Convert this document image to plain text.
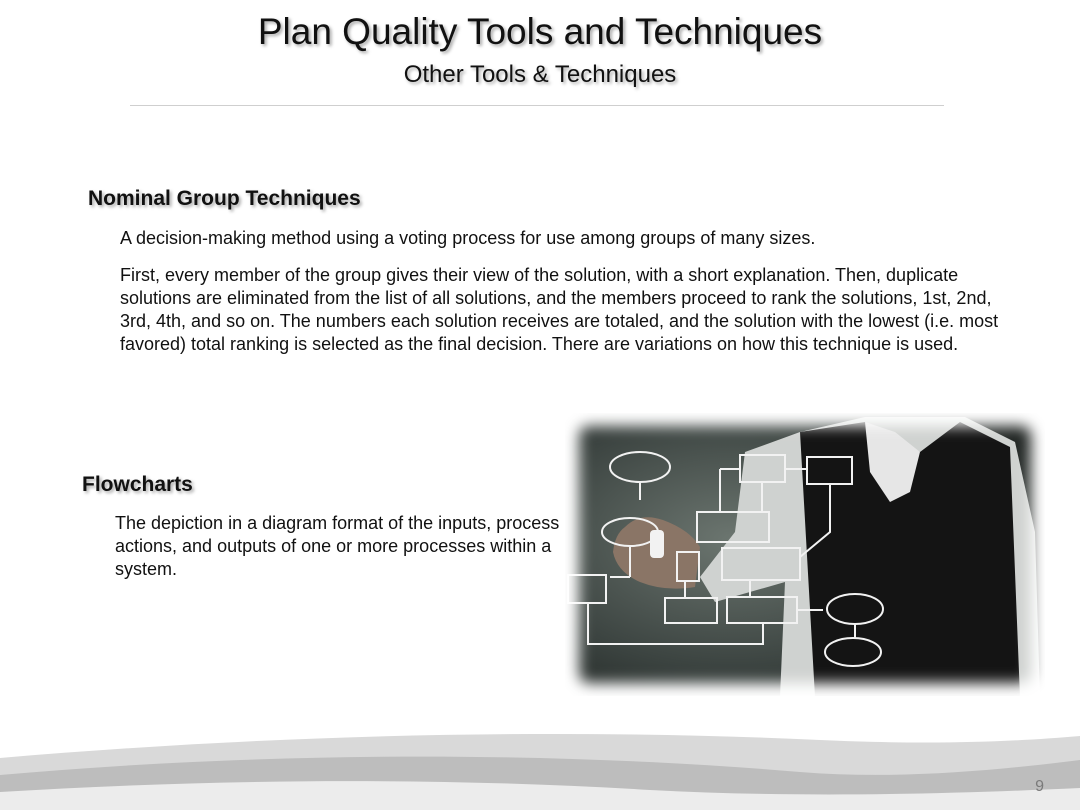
Plan Quality Tools and Techniques
Other Tools & Techniques
Nominal Group Techniques

A decision-making method using a voting process for use among groups of many sizes.

First, every member of the group gives their view of the solution, with a short explanation. Then, duplicate solutions are eliminated from the list of all solutions, and the members proceed to rank the solutions, 1st, 2nd, 3rd, 4th, and so on. The numbers each solution receives are totaled, and the solution with the lowest (i.e. most favored) total ranking is selected as the final decision. There are variations on how this technique is used.

Flowcharts

The depiction in a diagram format of the inputs, process actions, and outputs of one or more processes within a system.

9
